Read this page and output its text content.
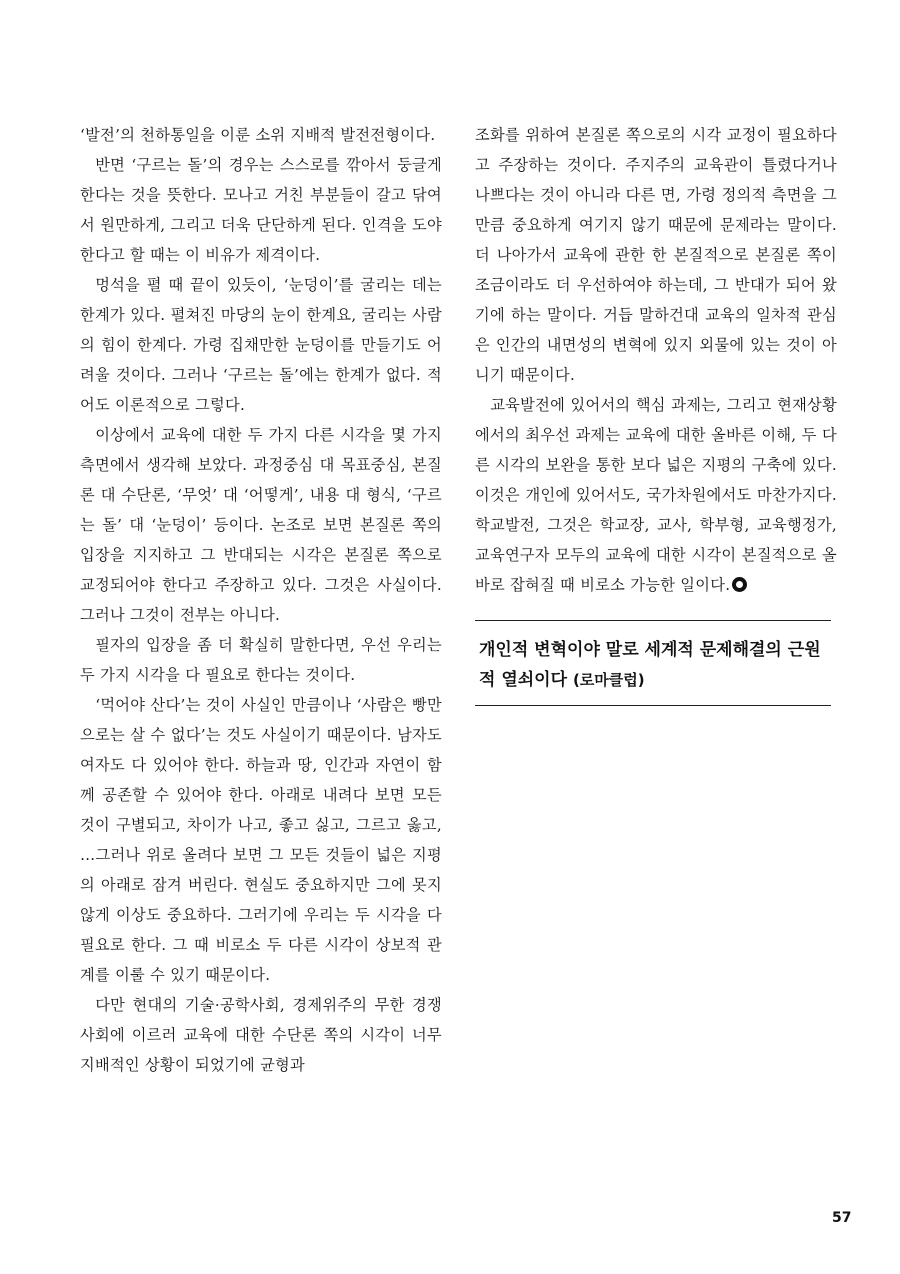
‘발전’의 천하통일을 이룬 소위 지배적 발전전형이다.

반면 ‘구르는 돌’의 경우는 스스로를 깎아서 둥글게 한다는 것을 뜻한다. 모나고 거친 부분들이 갈고 닦여서 원만하게, 그리고 더욱 단단하게 된다. 인격을 도야한다고 할 때는 이 비유가 제격이다.

멍석을 펼 때 끝이 있듯이, ‘눈덩이’를 굴리는 데는 한계가 있다. 펼쳐진 마당의 눈이 한계요, 굴리는 사람의 힘이 한계다. 가령 집채만한 눈덩이를 만들기도 어려울 것이다. 그러나 ‘구르는 돌’에는 한계가 없다. 적어도 이론적으로 그렇다.

이상에서 교육에 대한 두 가지 다른 시각을 몇 가지 측면에서 생각해 보았다. 과정중심 대 목표중심, 본질론 대 수단론, ‘무엇’ 대 ‘어떻게’, 내용 대 형식, ‘구르는 돌’ 대 ‘눈덩이’ 등이다. 논조로 보면 본질론 쪽의 입장을 지지하고 그 반대되는 시각은 본질론 쪽으로 교정되어야 한다고 주장하고 있다. 그것은 사실이다. 그러나 그것이 전부는 아니다.

필자의 입장을 좀 더 확실히 말한다면, 우선 우리는 두 가지 시각을 다 필요로 한다는 것이다.

‘먹어야 산다’는 것이 사실인 만큼이나 ‘사람은 빵만으로는 살 수 없다’는 것도 사실이기 때문이다. 남자도 여자도 다 있어야 한다. 하늘과 땅, 인간과 자연이 함께 공존할 수 있어야 한다. 아래로 내려다 보면 모든 것이 구별되고, 차이가 나고, 좋고 싫고, 그르고 옳고, …그러나 위로 올려다 보면 그 모든 것들이 넓은 지평의 아래로 잠겨 버린다. 현실도 중요하지만 그에 못지 않게 이상도 중요하다. 그러기에 우리는 두 시각을 다 필요로 한다. 그 때 비로소 두 다른 시각이 상보적 관계를 이룰 수 있기 때문이다.

다만 현대의 기술·공학사회, 경제위주의 무한 경쟁사회에 이르러 교육에 대한 수단론 쪽의 시각이 너무 지배적인 상황이 되었기에 균형과

조화를 위하여 본질론 쪽으로의 시각 교정이 필요하다고 주장하는 것이다. 주지주의 교육관이 틀렸다거나 나쁘다는 것이 아니라 다른 면, 가령 정의적 측면을 그만큼 중요하게 여기지 않기 때문에 문제라는 말이다. 더 나아가서 교육에 관한 한 본질적으로 본질론 쪽이 조금이라도 더 우선하여야 하는데, 그 반대가 되어 왔기에 하는 말이다. 거듭 말하건대 교육의 일차적 관심은 인간의 내면성의 변혁에 있지 외물에 있는 것이 아니기 때문이다.

교육발전에 있어서의 핵심 과제는, 그리고 현재상황에서의 최우선 과제는 교육에 대한 올바른 이해, 두 다른 시각의 보완을 통한 보다 넓은 지평의 구축에 있다. 이것은 개인에 있어서도, 국가차원에서도 마찬가지다. 학교발전, 그것은 학교장, 교사, 학부형, 교육행정가, 교육연구자 모두의 교육에 대한 시각이 본질적으로 올바로 잡혀질 때 비로소 가능한 일이다.

개인적 변혁이야 말로 세계적 문제해결의 근원적 열쇠이다 (로마클럽)
57
